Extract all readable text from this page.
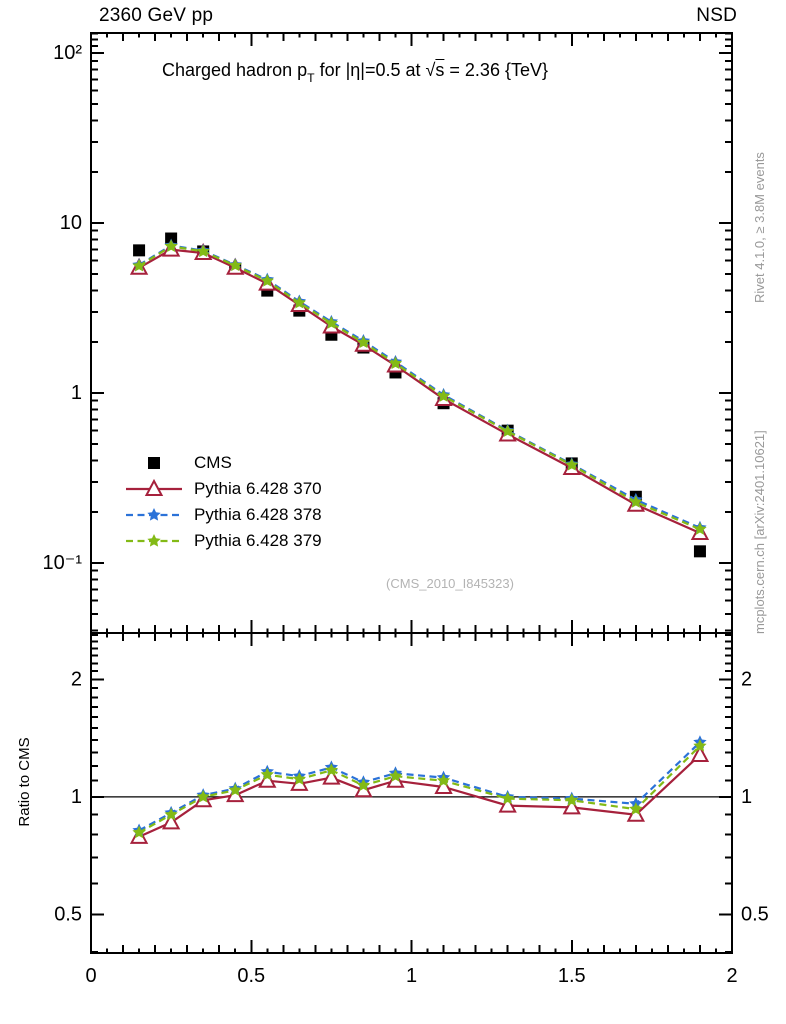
2360 GeV pp	NSD
Charged hadron $p_T$ for |η|=0.5 at √s = 2.36 {TeV}
10²
10
1
10⁻¹
2	2
1	1
0.5	0.5
0	0.5	1	1.5	2
CMS
Pythia 6.428 370
Pythia 6.428 378
Pythia 6.428 379
(CMS_2010_I845323)
Rivet 4.1.0, ≥ 3.8M events
mcplots.cern.ch [arXiv:2401.10621]
Ratio to CMS
